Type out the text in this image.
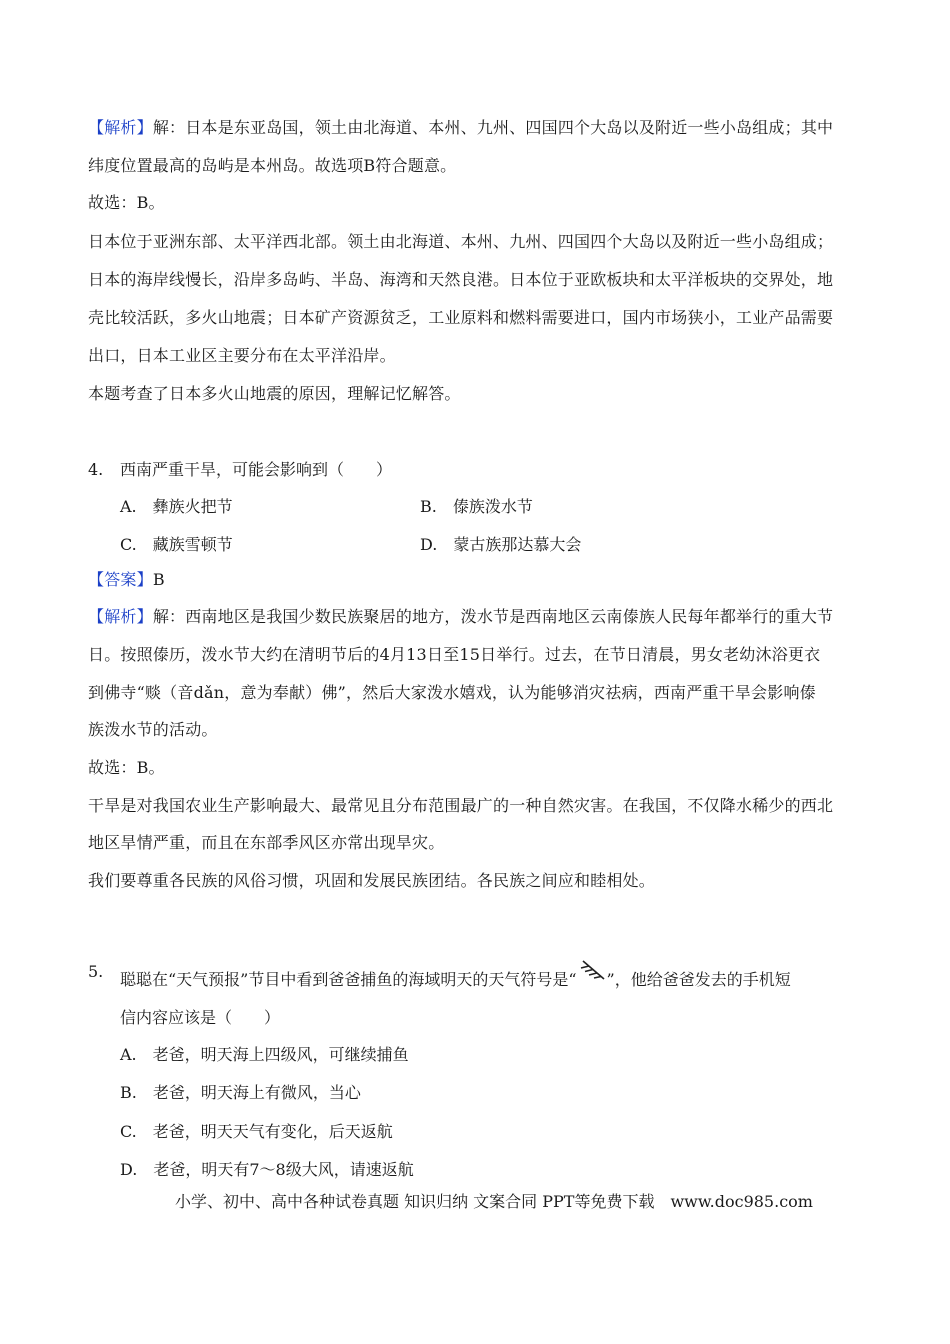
【解析】解：日本是东亚岛国，领土由北海道、本州、九州、四国四个大岛以及附近一些小岛组成；其中
纬度位置最高的岛屿是本州岛。故选项B符合题意。
故选：B。
日本位于亚洲东部、太平洋西北部。领土由北海道、本州、九州、四国四个大岛以及附近一些小岛组成；
日本的海岸线慢长，沿岸多岛屿、半岛、海湾和天然良港。日本位于亚欧板块和太平洋板块的交界处，地
壳比较活跃，多火山地震；日本矿产资源贫乏，工业原料和燃料需要进口，国内市场狭小，工业产品需要
出口，日本工业区主要分布在太平洋沿岸。
本题考查了日本多火山地震的原因，理解记忆解答。
4. 西南严重干旱，可能会影响到（　　）
A.　彝族火把节	B.　傣族泼水节
C.　藏族雪顿节	D.　蒙古族那达慕大会
【答案】B
【解析】解：西南地区是我国少数民族聚居的地方，泼水节是西南地区云南傣族人民每年都举行的重大节
日。按照傣历，泼水节大约在清明节后的4月13日至15日举行。过去，在节日清晨，男女老幼沐浴更衣
到佛寺“赕（音dǎn，意为奉献）佛”，然后大家泼水嬉戏，认为能够消灾祛病，西南严重干旱会影响傣
族泼水节的活动。
故选：B。
干旱是对我国农业生产影响最大、最常见且分布范围最广的一种自然灾害。在我国，不仅降水稀少的西北
地区旱情严重，而且在东部季风区亦常出现旱灾。
我们要尊重各民族的风俗习惯，巩固和发展民族团结。各民族之间应和睦相处。
5. 聪聪在“天气预报”节目中看到爸爸捕鱼的海域明天的天气符号是“ ”，他给爸爸发去的手机短
信内容应该是（　　）
A.　老爸，明天海上四级风，可继续捕鱼
B.　老爸，明天海上有微风，当心
C.　老爸，明天天气有变化，后天返航
D.　老爸，明天有7～8级大风，请速返航
小学、初中、高中各种试卷真题 知识归纳 文案合同 PPT等免费下载　www.doc985.com
